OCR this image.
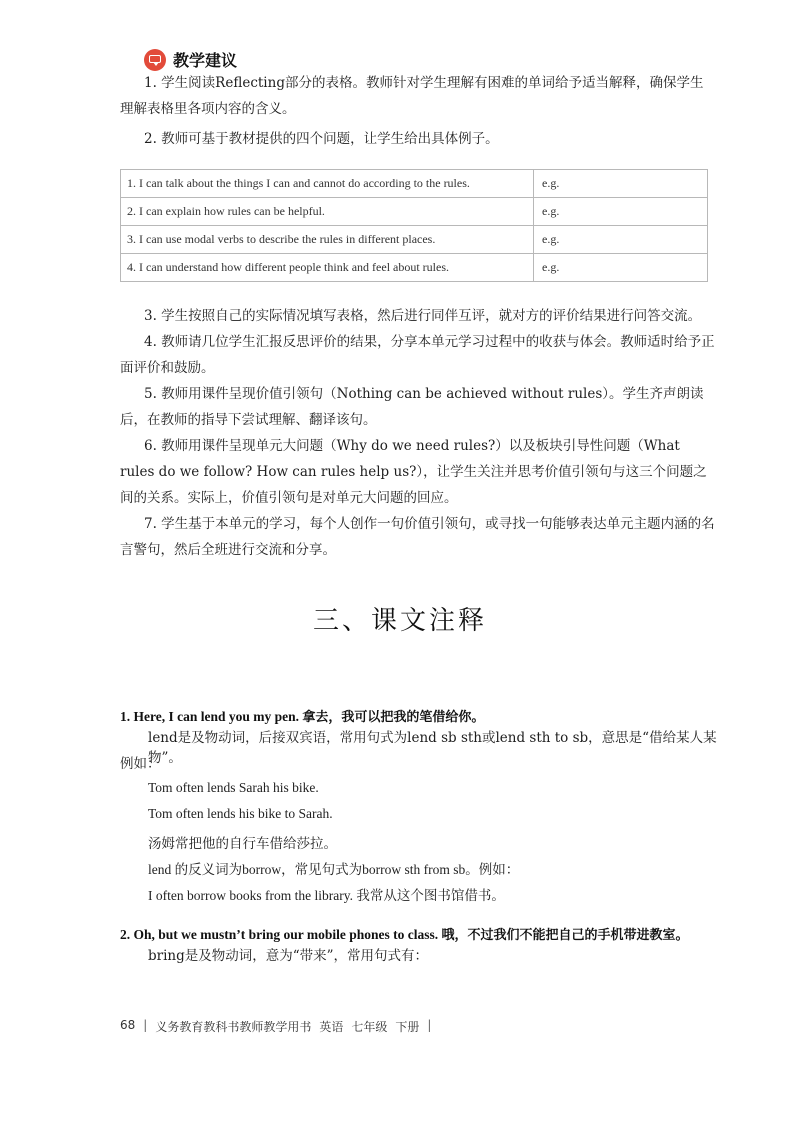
教学建议

1. 学生阅读Reflecting部分的表格。教师针对学生理解有困难的单词给予适当解释，确保学生理解表格里各项内容的含义。

2. 教师可基于教材提供的四个问题，让学生给出具体例子。

1. I can talk about the things I can and cannot do according to the rules.	e.g.
2. I can explain how rules can be helpful.	e.g.
3. I can use modal verbs to describe the rules in different places.	e.g.
4. I can understand how different people think and feel about rules.	e.g.

3. 学生按照自己的实际情况填写表格，然后进行同伴互评，就对方的评价结果进行问答交流。

4. 教师请几位学生汇报反思评价的结果，分享本单元学习过程中的收获与体会。教师适时给予正面评价和鼓励。

5. 教师用课件呈现价值引领句（Nothing can be achieved without rules）。学生齐声朗读后，在教师的指导下尝试理解、翻译该句。

6. 教师用课件呈现单元大问题（Why do we need rules?）以及板块引导性问题（What rules do we follow? How can rules help us?），让学生关注并思考价值引领句与这三个问题之间的关系。实际上，价值引领句是对单元大问题的回应。

7. 学生基于本单元的学习，每个人创作一句价值引领句，或寻找一句能够表达单元主题内涵的名言警句，然后全班进行交流和分享。

三、课文注释
1. Here, I can lend you my pen. 拿去，我可以把我的笔借给你。

lend是及物动词，后接双宾语，常用句式为lend sb sth或lend sth to sb，意思是“借给某人某物”。

例如：

Tom often lends Sarah his bike.
Tom often lends his bike to Sarah.
汤姆常把他的自行车借给莎拉。
lend 的反义词为borrow，常见句式为borrow sth from sb。例如：
I often borrow books from the library. 我常从这个图书馆借书。
2. Oh, but we mustn’t bring our mobile phones to class. 哦，不过我们不能把自己的手机带进教室。

bring是及物动词，意为“带来”，常用句式有：

68 | 义务教育教科书教师教学用书 英语 七年级 下册 |
